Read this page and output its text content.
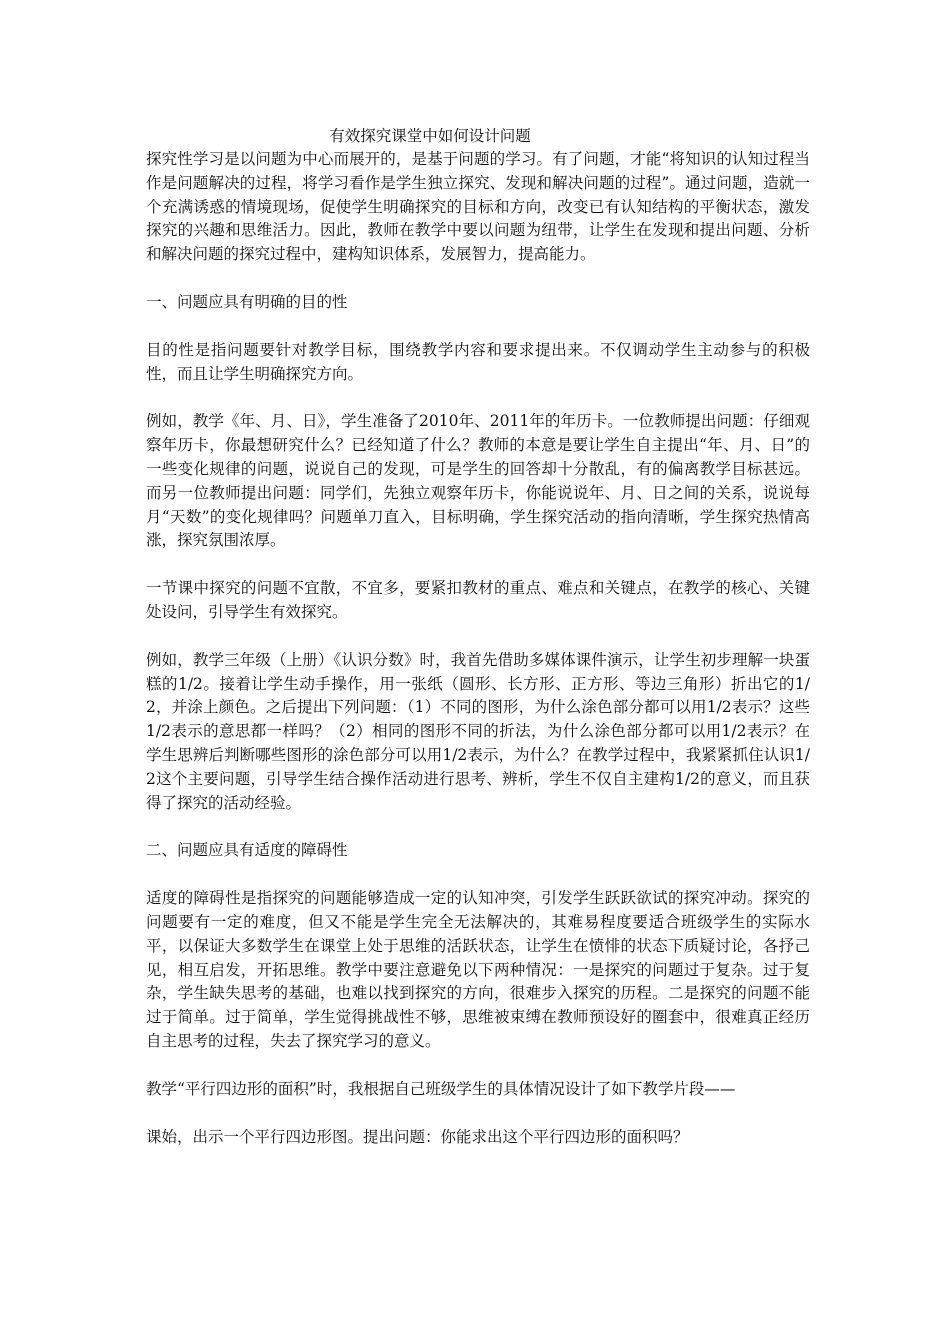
有效探究课堂中如何设计问题

探究性学习是以问题为中心而展开的，是基于问题的学习。有了问题，才能“将知识的认知过程当作是问题解决的过程，将学习看作是学生独立探究、发现和解决问题的过程”。通过问题，造就一个充满诱惑的情境现场，促使学生明确探究的目标和方向，改变已有认知结构的平衡状态，激发探究的兴趣和思维活力。因此，教师在教学中要以问题为纽带，让学生在发现和提出问题、分析和解决问题的探究过程中，建构知识体系，发展智力，提高能力。

一、问题应具有明确的目的性

目的性是指问题要针对教学目标，围绕教学内容和要求提出来。不仅调动学生主动参与的积极性，而且让学生明确探究方向。

例如，教学《年、月、日》，学生准备了2010年、2011年的年历卡。一位教师提出问题：仔细观察年历卡，你最想研究什么？已经知道了什么？教师的本意是要让学生自主提出“年、月、日”的一些变化规律的问题，说说自己的发现，可是学生的回答却十分散乱，有的偏离教学目标甚远。而另一位教师提出问题：同学们，先独立观察年历卡，你能说说年、月、日之间的关系，说说每月“天数”的变化规律吗？问题单刀直入，目标明确，学生探究活动的指向清晰，学生探究热情高涨，探究氛围浓厚。

一节课中探究的问题不宜散，不宜多，要紧扣教材的重点、难点和关键点，在教学的核心、关键处设问，引导学生有效探究。

例如，教学三年级（上册）《认识分数》时，我首先借助多媒体课件演示，让学生初步理解一块蛋糕的1/2。接着让学生动手操作，用一张纸（圆形、长方形、正方形、等边三角形）折出它的1/2，并涂上颜色。之后提出下列问题：（1）不同的图形，为什么涂色部分都可以用1/2表示？这些1/2表示的意思都一样吗？（2）相同的图形不同的折法，为什么涂色部分都可以用1/2表示？在学生思辨后判断哪些图形的涂色部分可以用1/2表示，为什么？在教学过程中，我紧紧抓住认识1/2这个主要问题，引导学生结合操作活动进行思考、辨析，学生不仅自主建构1/2的意义，而且获得了探究的活动经验。

二、问题应具有适度的障碍性

适度的障碍性是指探究的问题能够造成一定的认知冲突，引发学生跃跃欲试的探究冲动。探究的问题要有一定的难度，但又不能是学生完全无法解决的，其难易程度要适合班级学生的实际水平，以保证大多数学生在课堂上处于思维的活跃状态，让学生在愤悱的状态下质疑讨论，各抒己见，相互启发，开拓思维。教学中要注意避免以下两种情况：一是探究的问题过于复杂。过于复杂，学生缺失思考的基础，也难以找到探究的方向，很难步入探究的历程。二是探究的问题不能过于简单。过于简单，学生觉得挑战性不够，思维被束缚在教师预设好的圈套中，很难真正经历自主思考的过程，失去了探究学习的意义。

教学“平行四边形的面积”时，我根据自己班级学生的具体情况设计了如下教学片段——

课始，出示一个平行四边形图。提出问题：你能求出这个平行四边形的面积吗？
